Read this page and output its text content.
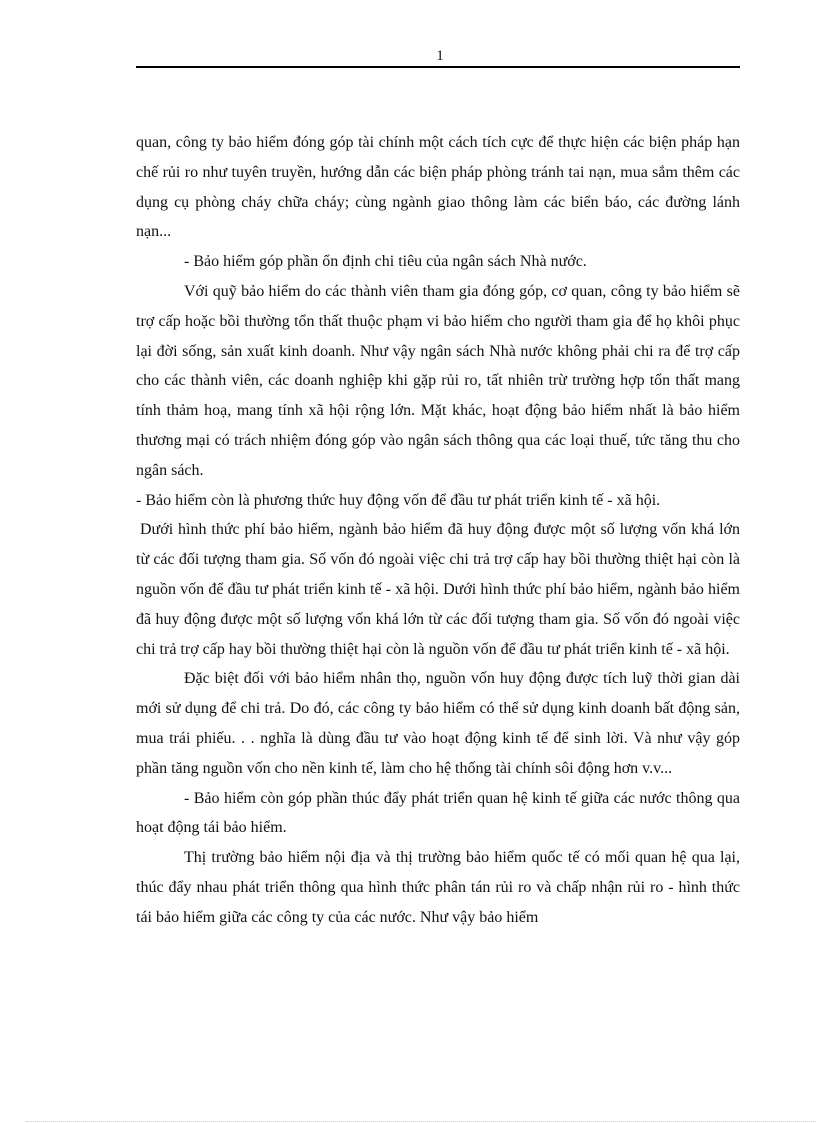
1

quan, công ty bảo hiểm đóng góp tài chính một cách tích cực để thực hiện các biện pháp hạn chế rủi ro như tuyên truyền, hướng dẫn các biện pháp phòng tránh tai nạn, mua sắm thêm các dụng cụ phòng cháy chữa cháy; cùng ngành giao thông làm các biển báo, các đường lánh nạn...

- Bảo hiểm góp phần ổn định chi tiêu của ngân sách Nhà nước.

Với quỹ bảo hiểm do các thành viên tham gia đóng góp, cơ quan, công ty bảo hiểm sẽ trợ cấp hoặc bồi thường tổn thất thuộc phạm vi bảo hiểm cho người tham gia để họ khôi phục lại đời sống, sản xuất kinh doanh. Như vậy ngân sách Nhà nước không phải chi ra để trợ cấp cho các thành viên, các doanh nghiệp khi gặp rủi ro, tất nhiên trừ trường hợp tổn thất mang tính thảm hoạ, mang tính xã hội rộng lớn. Mặt khác, hoạt động bảo hiểm nhất là bảo hiểm thương mại có trách nhiệm đóng góp vào ngân sách thông qua các loại thuế, tức tăng thu cho ngân sách.

- Bảo hiểm còn là phương thức huy động vốn để đầu tư phát triển kinh tế - xã hội.

Dưới hình thức phí bảo hiểm, ngành bảo hiểm đã huy động được một số lượng vốn khá lớn từ các đối tượng tham gia. Số vốn đó ngoài việc chi trả trợ cấp hay bồi thường thiệt hại còn là nguồn vốn để đầu tư phát triển kinh tế - xã hội. Dưới hình thức phí bảo hiểm, ngành bảo hiểm đã huy động được một số lượng vốn khá lớn từ các đối tượng tham gia. Số vốn đó ngoài việc chi trả trợ cấp hay bồi thường thiệt hại còn là nguồn vốn để đầu tư phát triển kinh tế - xã hội.

Đặc biệt đối với bảo hiểm nhân thọ, nguồn vốn huy động được tích luỹ thời gian dài mới sử dụng để chi trả. Do đó, các công ty bảo hiểm có thể sử dụng kinh doanh bất động sản, mua trái phiếu. . . nghĩa là dùng đầu tư vào hoạt động kinh tế để sinh lời. Và như vậy góp phần tăng nguồn vốn cho nền kinh tế, làm cho hệ thống tài chính sôi động hơn v.v...

- Bảo hiểm còn góp phần thúc đẩy phát triển quan hệ kinh tế giữa các nước thông qua hoạt động tái bảo hiểm.

Thị trường bảo hiểm nội địa và thị trường bảo hiểm quốc tế có mối quan hệ qua lại, thúc đẩy nhau phát triển thông qua hình thức phân tán rủi ro và chấp nhận rủi ro - hình thức tái bảo hiểm giữa các công ty của các nước. Như vậy bảo hiểm
